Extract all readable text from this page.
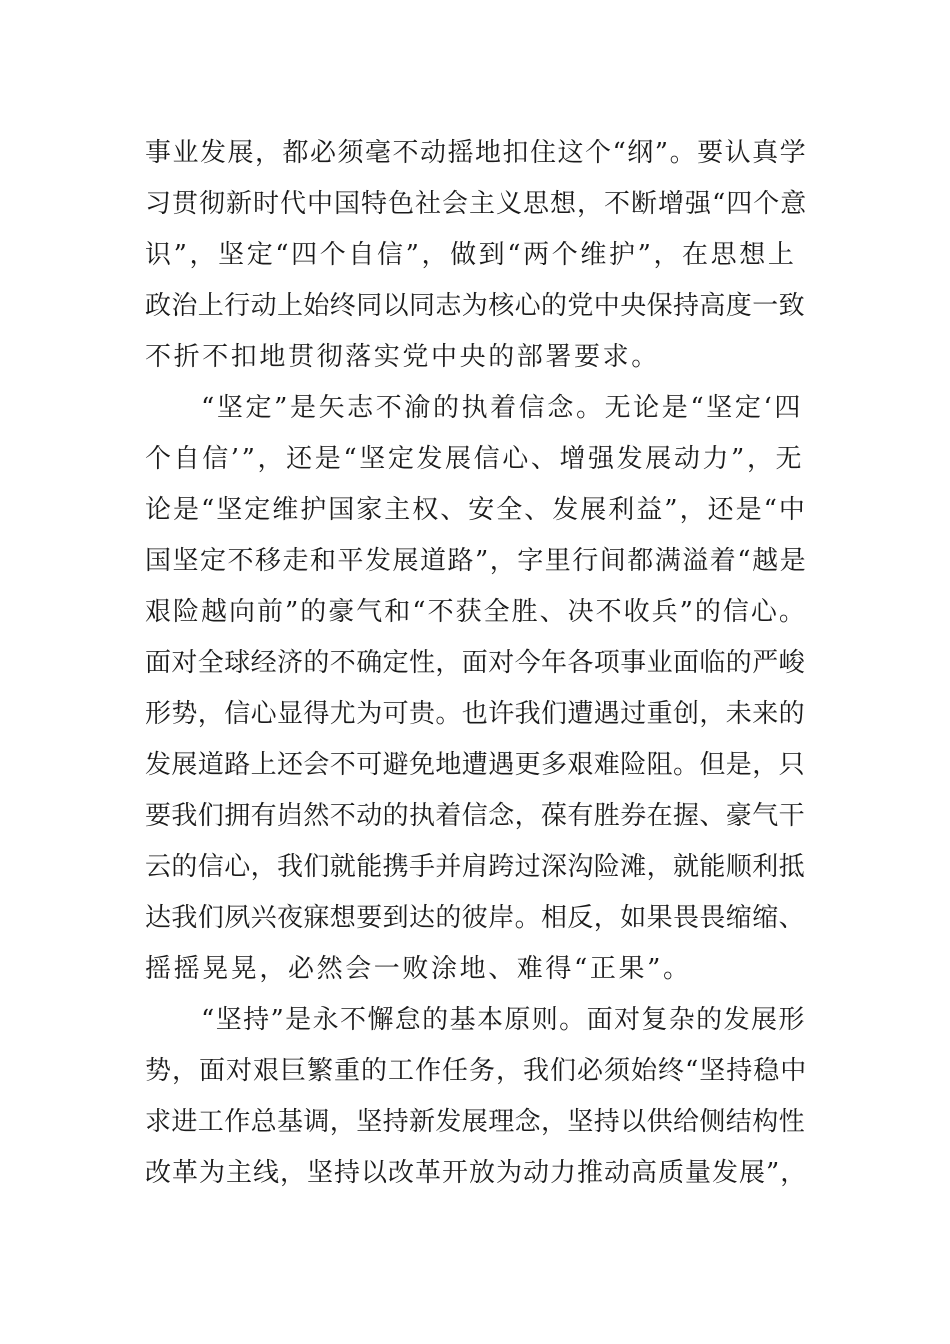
事业发展，都必须毫不动摇地扣住这个“纲”。要认真学
习贯彻新时代中国特色社会主义思想，不断增强“四个意
识”，坚定“四个自信”，做到“两个维护”，在思想上
政治上行动上始终同以同志为核心的党中央保持高度一致
不折不扣地贯彻落实党中央的部署要求。
“坚定”是矢志不渝的执着信念。无论是“坚定‘四
个自信’”，还是“坚定发展信心、增强发展动力”，无
论是“坚定维护国家主权、安全、发展利益”，还是“中
国坚定不移走和平发展道路”，字里行间都满溢着“越是
艰险越向前”的豪气和“不获全胜、决不收兵”的信心。
面对全球经济的不确定性，面对今年各项事业面临的严峻
形势，信心显得尤为可贵。也许我们遭遇过重创，未来的
发展道路上还会不可避免地遭遇更多艰难险阻。但是，只
要我们拥有岿然不动的执着信念，葆有胜券在握、豪气干
云的信心，我们就能携手并肩跨过深沟险滩，就能顺利抵
达我们夙兴夜寐想要到达的彼岸。相反，如果畏畏缩缩、
摇摇晃晃，必然会一败涂地、难得“正果”。
“坚持”是永不懈怠的基本原则。面对复杂的发展形
势，面对艰巨繁重的工作任务，我们必须始终“坚持稳中
求进工作总基调，坚持新发展理念，坚持以供给侧结构性
改革为主线，坚持以改革开放为动力推动高质量发展”，
